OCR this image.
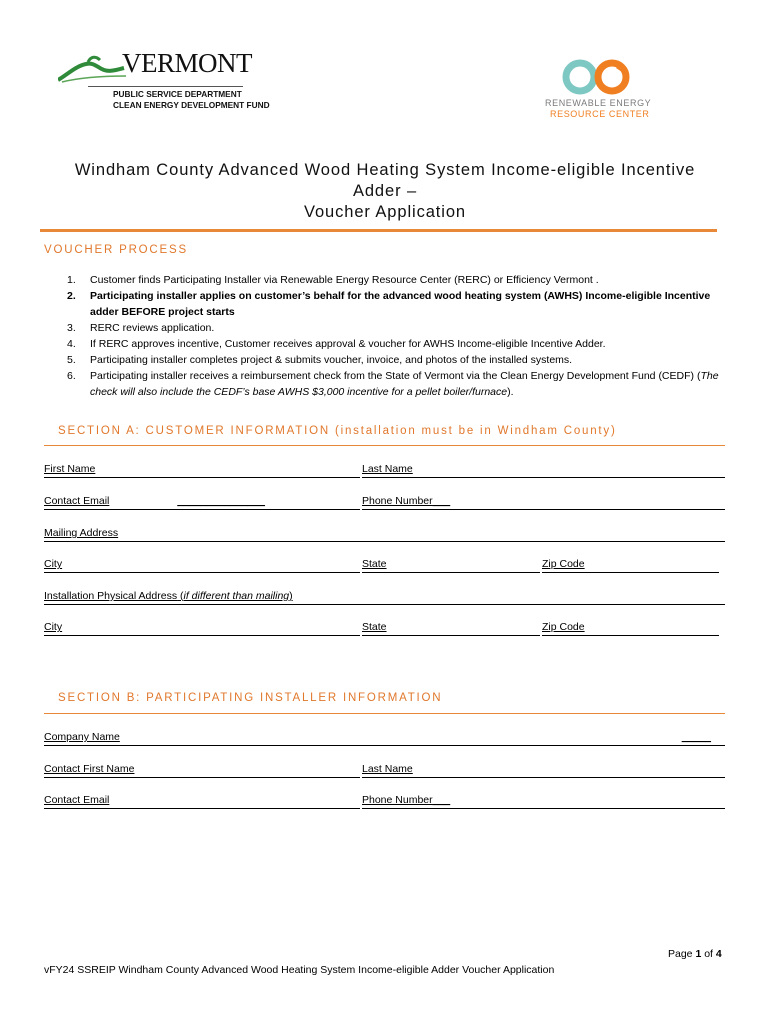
VERMONT
PUBLIC SERVICE DEPARTMENT
CLEAN ENERGY DEVELOPMENT FUND	RENEWABLE ENERGY
RESOURCE CENTER
Windham County Advanced Wood Heating System Income-eligible Incentive
Adder –
Voucher Application
VOUCHER PROCESS
1. Customer finds Participating Installer via Renewable Energy Resource Center (RERC) or Efficiency Vermont .
2. Participating installer applies on customer’s behalf for the advanced wood heating system (AWHS) Income-eligible Incentive adder BEFORE project starts
3. RERC reviews application.
4. If RERC approves incentive, Customer receives approval & voucher for AWHS Income-eligible Incentive Adder.
5. Participating installer completes project & submits voucher, invoice, and photos of the installed systems.
6. Participating installer receives a reimbursement check from the State of Vermont via the Clean Energy Development Fund (CEDF) (The check will also include the CEDF’s base AWHS $3,000 incentive for a pellet boiler/furnace).
SECTION A: CUSTOMER INFORMATION (installation must be in Windham County)
First Name	Last Name
Contact Email	_______________	Phone Number___
Mailing Address
City	State	Zip Code
Installation Physical Address (if different than mailing)
City	State	Zip Code
SECTION B: PARTICIPATING INSTALLER INFORMATION
Company Name	_____
Contact First Name	Last Name
Contact Email	Phone Number___
Page 1 of 4
vFY24 SSREIP Windham County Advanced Wood Heating System Income-eligible Adder Voucher Application
